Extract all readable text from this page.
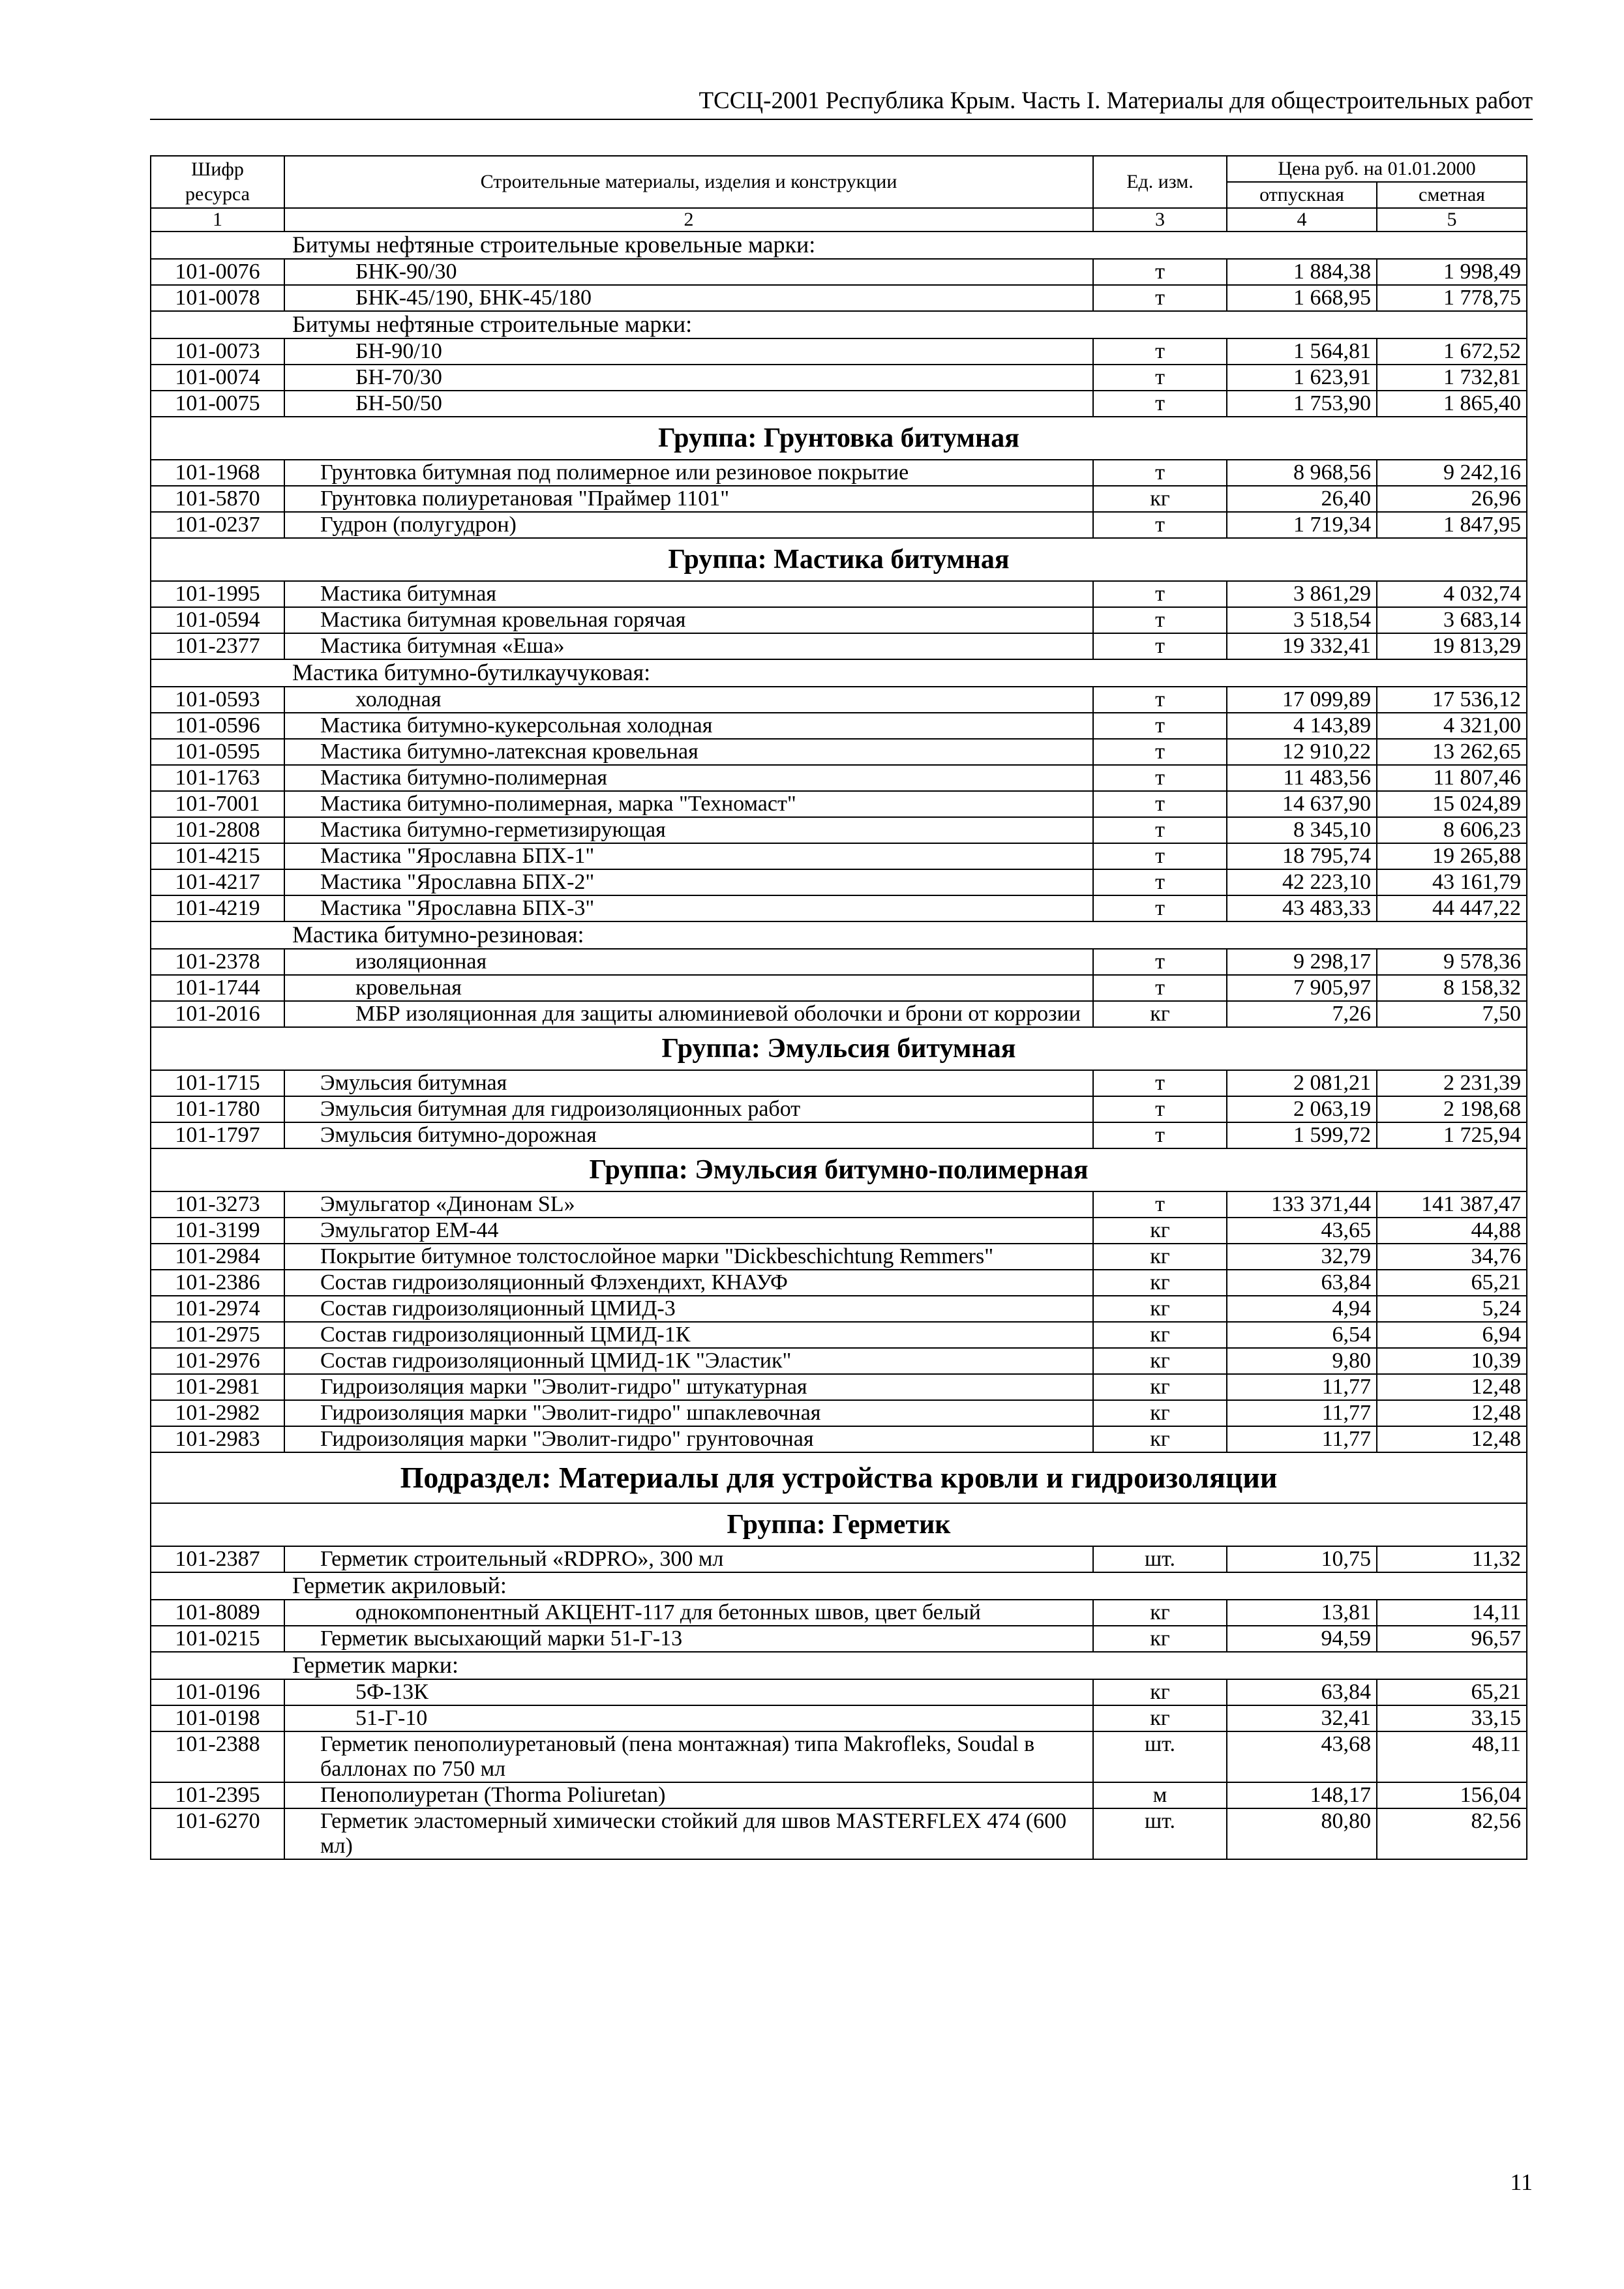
ТССЦ-2001 Республика Крым. Часть I. Материалы для общестроительных работ
Шифр ресурса	Строительные материалы, изделия и конструкции	Ед. изм.	Цена руб. на 01.01.2000	
			отпускная	сметная
1	2	3	4	5
	Битумы нефтяные строительные кровельные марки:			
101-0076	БНК-90/30	т	1 884,38	1 998,49
101-0078	БНК-45/190, БНК-45/180	т	1 668,95	1 778,75
	Битумы нефтяные строительные марки:			
101-0073	БН-90/10	т	1 564,81	1 672,52
101-0074	БН-70/30	т	1 623,91	1 732,81
101-0075	БН-50/50	т	1 753,90	1 865,40
Группа: Грунтовка битумная				
101-1968	Грунтовка битумная под полимерное или резиновое покрытие	т	8 968,56	9 242,16
101-5870	Грунтовка полиуретановая "Праймер 1101"	кг	26,40	26,96
101-0237	Гудрон (полугудрон)	т	1 719,34	1 847,95
Группа: Мастика битумная				
101-1995	Мастика битумная	т	3 861,29	4 032,74
101-0594	Мастика битумная кровельная горячая	т	3 518,54	3 683,14
101-2377	Мастика битумная «Еша»	т	19 332,41	19 813,29
	Мастика битумно-бутилкаучуковая:			
101-0593	холодная	т	17 099,89	17 536,12
101-0596	Мастика битумно-кукерсольная холодная	т	4 143,89	4 321,00
101-0595	Мастика битумно-латексная кровельная	т	12 910,22	13 262,65
101-1763	Мастика битумно-полимерная	т	11 483,56	11 807,46
101-7001	Мастика битумно-полимерная, марка "Техномаст"	т	14 637,90	15 024,89
101-2808	Мастика битумно-герметизирующая	т	8 345,10	8 606,23
101-4215	Мастика "Ярославна БПХ-1"	т	18 795,74	19 265,88
101-4217	Мастика "Ярославна БПХ-2"	т	42 223,10	43 161,79
101-4219	Мастика "Ярославна БПХ-3"	т	43 483,33	44 447,22
	Мастика битумно-резиновая:			
101-2378	изоляционная	т	9 298,17	9 578,36
101-1744	кровельная	т	7 905,97	8 158,32
101-2016	МБР изоляционная для защиты алюминиевой оболочки и брони от коррозии	кг	7,26	7,50
Группа: Эмульсия битумная				
101-1715	Эмульсия битумная	т	2 081,21	2 231,39
101-1780	Эмульсия битумная для гидроизоляционных работ	т	2 063,19	2 198,68
101-1797	Эмульсия битумно-дорожная	т	1 599,72	1 725,94
Группа: Эмульсия битумно-полимерная				
101-3273	Эмульгатор «Динонам SL»	т	133 371,44	141 387,47
101-3199	Эмульгатор ЕМ-44	кг	43,65	44,88
101-2984	Покрытие битумное толстослойное марки "Dickbeschichtung Remmers"	кг	32,79	34,76
101-2386	Состав гидроизоляционный Флэхендихт, КНАУФ	кг	63,84	65,21
101-2974	Состав гидроизоляционный ЦМИД-3	кг	4,94	5,24
101-2975	Состав гидроизоляционный ЦМИД-1К	кг	6,54	6,94
101-2976	Состав гидроизоляционный ЦМИД-1К "Эластик"	кг	9,80	10,39
101-2981	Гидроизоляция марки "Эволит-гидро" штукатурная	кг	11,77	12,48
101-2982	Гидроизоляция марки "Эволит-гидро" шпаклевочная	кг	11,77	12,48
101-2983	Гидроизоляция марки "Эволит-гидро" грунтовочная	кг	11,77	12,48
Подраздел: Материалы для устройства кровли и гидроизоляции				
Группа: Герметик				
101-2387	Герметик строительный «RDPRO», 300 мл	шт.	10,75	11,32
	Герметик акриловый:			
101-8089	однокомпонентный АКЦЕНТ-117 для бетонных швов, цвет белый	кг	13,81	14,11
101-0215	Герметик высыхающий марки 51-Г-13	кг	94,59	96,57
	Герметик марки:			
101-0196	5Ф-13К	кг	63,84	65,21
101-0198	51-Г-10	кг	32,41	33,15
101-2388	Герметик пенополиуретановый (пена монтажная) типа Makrofleks, Soudal в баллонах по 750 мл	шт.	43,68	48,11
101-2395	Пенополиуретан (Thorma Poliuretan)	м	148,17	156,04
101-6270	Герметик эластомерный химически стойкий для швов MASTERFLEX 474 (600 мл)	шт.	80,80	82,56
11
